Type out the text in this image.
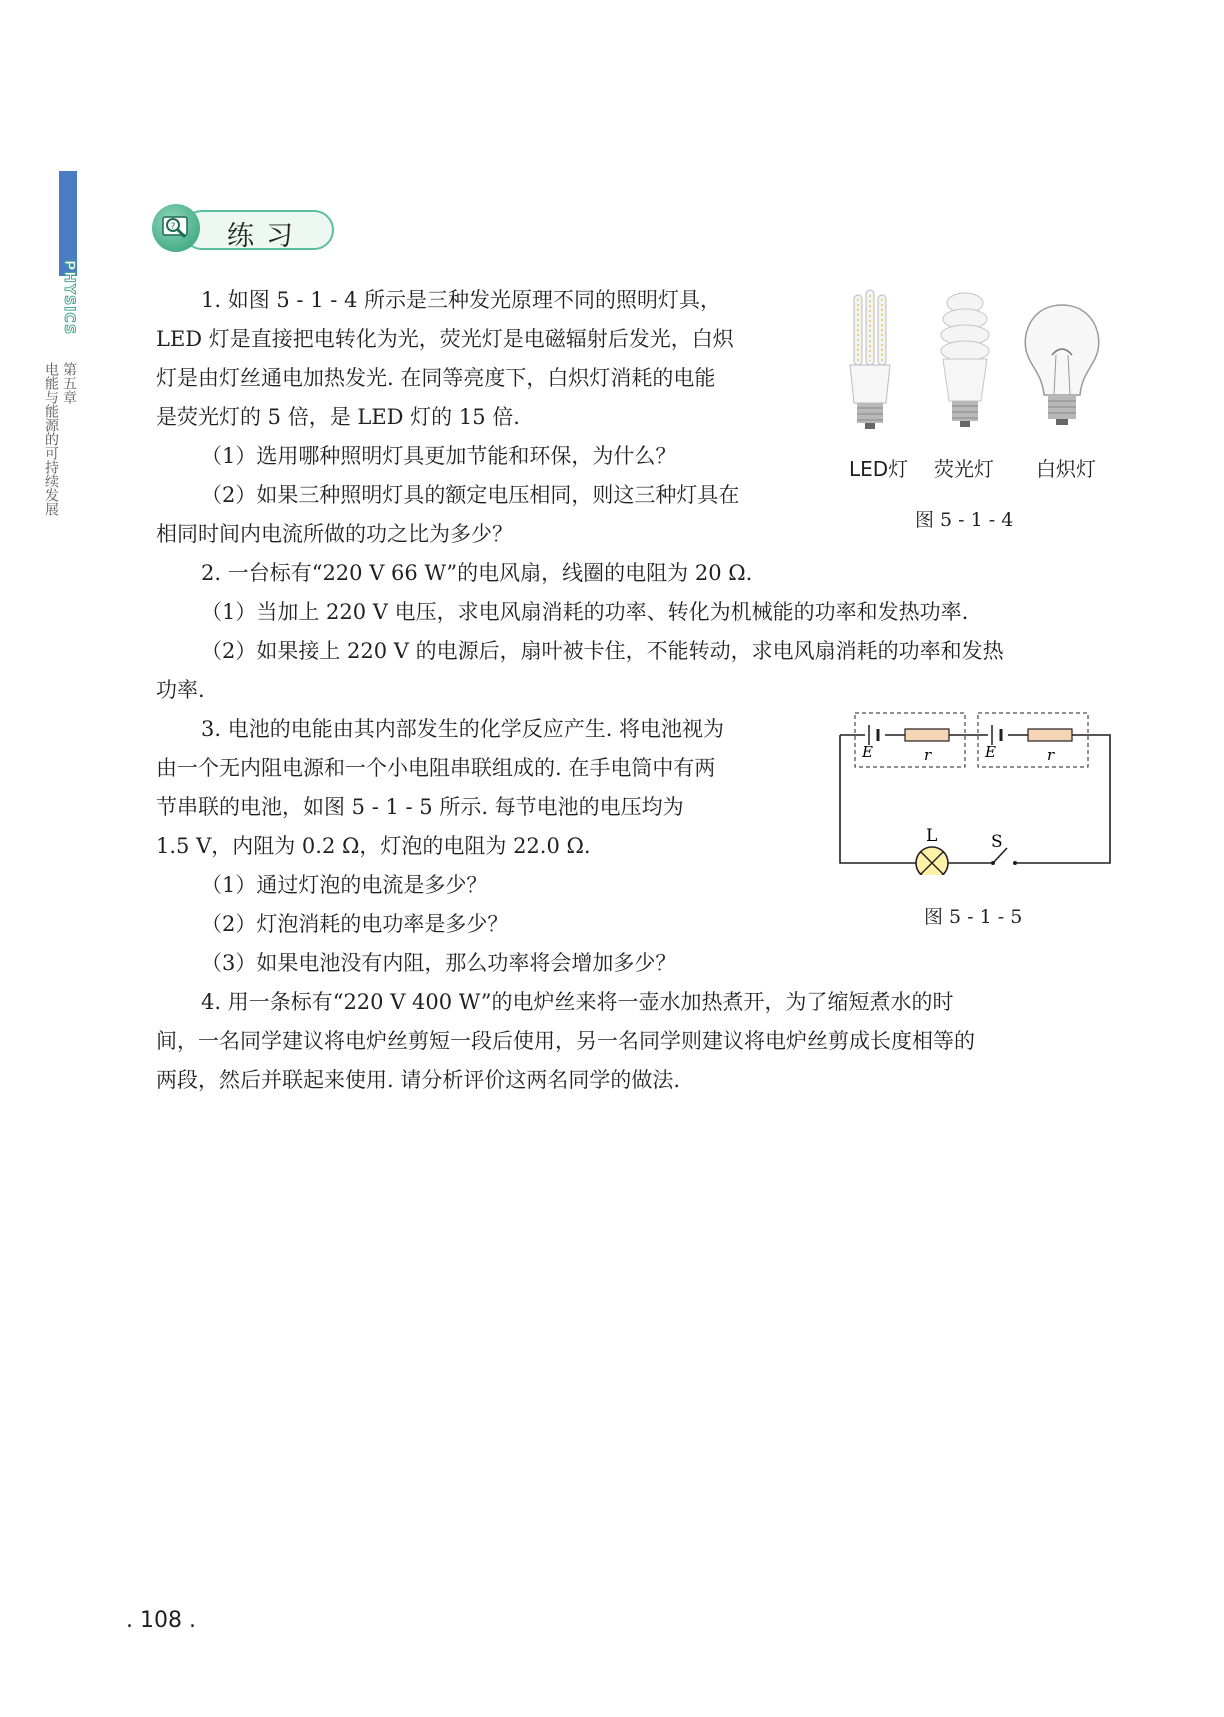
PHYSICS
第五章
电能与能源的可持续发展
? 练习
1. 如图 5 - 1 - 4 所示是三种发光原理不同的照明灯具，
LED 灯是直接把电转化为光，荧光灯是电磁辐射后发光，白炽
灯是由灯丝通电加热发光. 在同等亮度下，白炽灯消耗的电能
是荧光灯的 5 倍，是 LED 灯的 15 倍.
（1）选用哪种照明灯具更加节能和环保，为什么？
（2）如果三种照明灯具的额定电压相同，则这三种灯具在
相同时间内电流所做的功之比为多少？
LED灯 荧光灯 白炽灯
图 5 - 1 - 4
2. 一台标有“220 V 66 W”的电风扇，线圈的电阻为 20 Ω.
（1）当加上 220 V 电压，求电风扇消耗的功率、转化为机械能的功率和发热功率.
（2）如果接上 220 V 的电源后，扇叶被卡住，不能转动，求电风扇消耗的功率和发热
功率.
3. 电池的电能由其内部发生的化学反应产生. 将电池视为
由一个无内阻电源和一个小电阻串联组成的. 在手电筒中有两
节串联的电池，如图 5 - 1 - 5 所示. 每节电池的电压均为
1.5 V，内阻为 0.2 Ω，灯泡的电阻为 22.0 Ω.
（1）通过灯泡的电流是多少？
（2）灯泡消耗的电功率是多少？
（3）如果电池没有内阻，那么功率将会增加多少？
E	r	E	r
L	S
图 5 - 1 - 5
4. 用一条标有“220 V 400 W”的电炉丝来将一壶水加热煮开，为了缩短煮水的时
间，一名同学建议将电炉丝剪短一段后使用，另一名同学则建议将电炉丝剪成长度相等的
两段，然后并联起来使用. 请分析评价这两名同学的做法.
. 108 .
